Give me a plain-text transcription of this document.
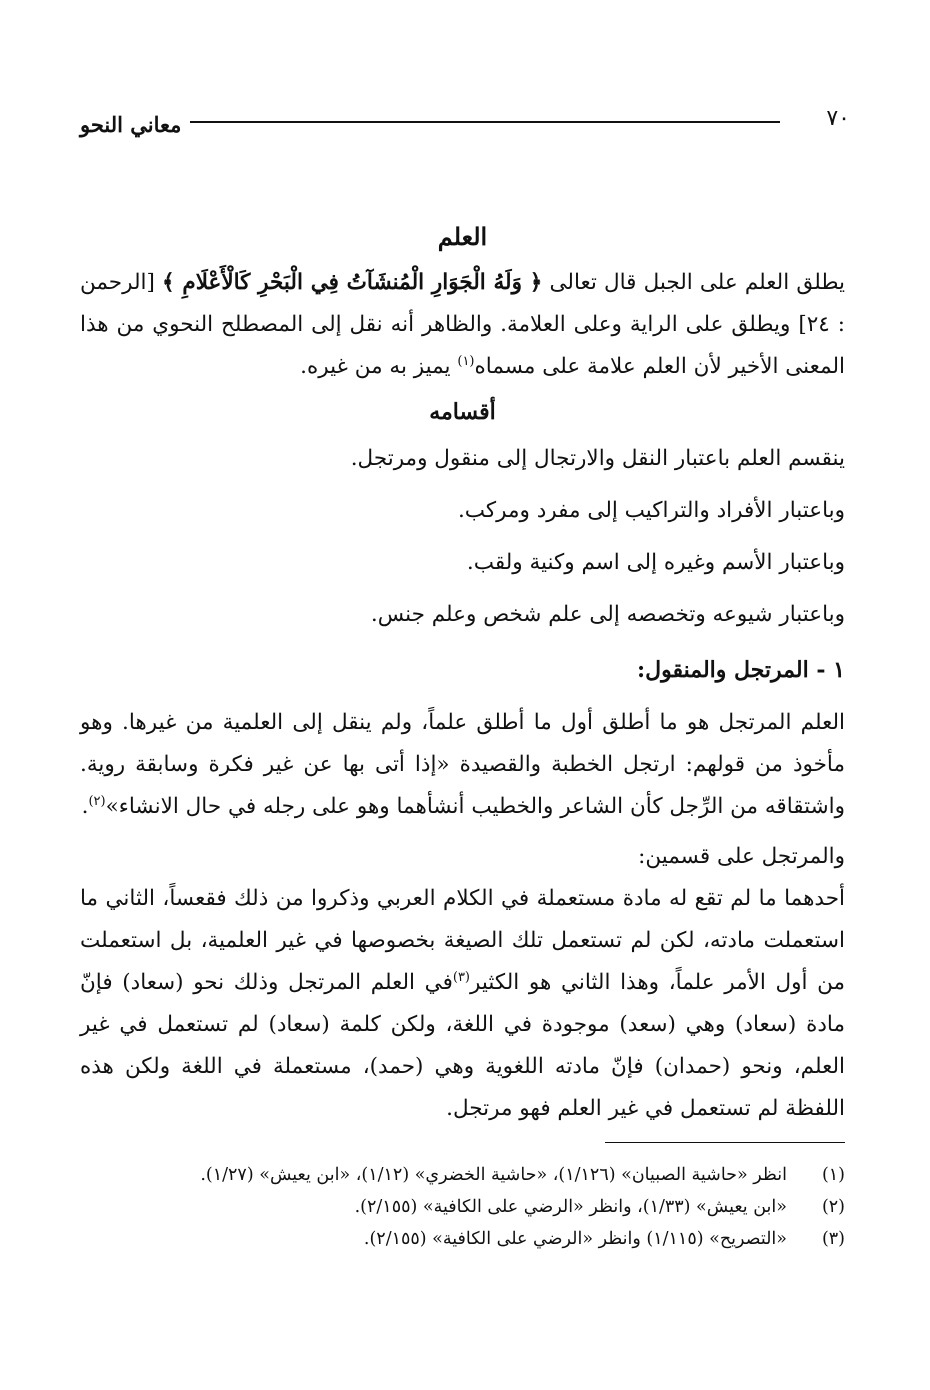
٧٠
معاني النحو
العلم

يطلق العلم على الجبل قال تعالى ﴿ وَلَهُ الْجَوَارِ الْمُنشَآتُ فِي الْبَحْرِ كَالْأَعْلَامِ ﴾ [الرحمن : ٢٤] ويطلق على الراية وعلى العلامة. والظاهر أنه نقل إلى المصطلح النحوي من هذا المعنى الأخير لأن العلم علامة على مسماه$^{(١)}$ يميز به من غيره.

أقسامه

ينقسم العلم باعتبار النقل والارتجال إلى منقول ومرتجل.

وباعتبار الأفراد والتراكيب إلى مفرد ومركب.

وباعتبار الأسم وغيره إلى اسم وكنية ولقب.

وباعتبار شيوعه وتخصصه إلى علم شخص وعلم جنس.

١ - المرتجل والمنقول:

العلم المرتجل هو ما أطلق أول ما أطلق علماً، ولم ينقل إلى العلمية من غيرها. وهو مأخوذ من قولهم: ارتجل الخطبة والقصيدة «إذا أتى بها عن غير فكرة وسابقة روية. واشتقاقه من الرِّجل كأن الشاعر والخطيب أنشأهما وهو على رجله في حال الانشاء»$^{(٢)}$.

والمرتجل على قسمين:

أحدهما ما لم تقع له مادة مستعملة في الكلام العربي وذكروا من ذلك فقعساً، الثاني ما استعملت مادته، لكن لم تستعمل تلك الصيغة بخصوصها في غير العلمية، بل استعملت من أول الأمر علماً، وهذا الثاني هو الكثير$^{(٣)}$في العلم المرتجل وذلك نحو (سعاد) فإنّ مادة (سعاد) وهي (سعد) موجودة في اللغة، ولكن كلمة (سعاد) لم تستعمل في غير العلم، ونحو (حمدان) فإنّ مادته اللغوية وهي (حمد)، مستعملة في اللغة ولكن هذه اللفظة لم تستعمل في غير العلم فهو مرتجل.

(١)
انظر «حاشية الصبيان» (١/١٢٦)، «حاشية الخضري» (١/١٢)، «ابن يعيش» (١/٢٧).
(٢)
«ابن يعيش» (١/٣٣)، وانظر «الرضي على الكافية» (٢/١٥٥).
(٣)
«التصريح» (١/١١٥) وانظر «الرضي على الكافية» (٢/١٥٥).
